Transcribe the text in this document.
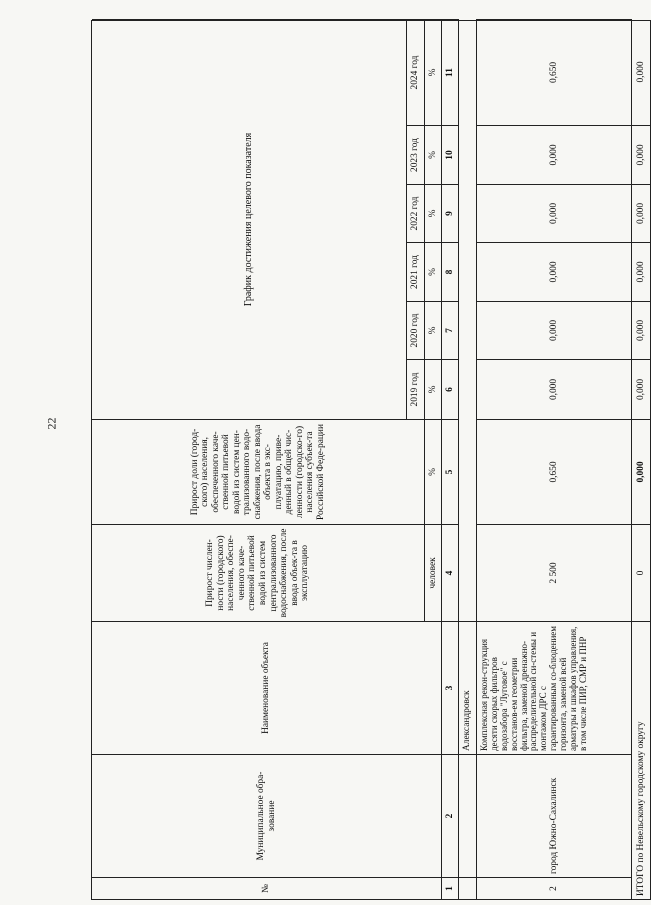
22
№
Муниципальное обра-зование
Наименование объекта
Прирост числен-ности (городского) населения, обеспе-ченного каче-ственной питьевой водой из систем централизованного водоснабжения, после ввода объек-та в эксплуатацию
Прирост доли (город-ского) населения, обеспеченного каче-ственной питьевой водой из систем цен-трализованного водо-снабжения, после ввода объекта в экс-плуатацию, приве-денный в общей чис-ленности (городско-го) населения субъек-та Российской Феде-рации
График достижения целевого показателя
2019 год
2020 год
2021 год
2022 год
2023 год
2024 год
человек
%
%
%
%
%
%
%
1
2
3
4
5
6
7
8
9
10
11
Александровск
2
город Южно-Сахалинск
Комплексная рекон-струкция десяти скорых фильтров водозабора "Луговое" с восстанов-ем геометрии фильтра, заменой дренажно-распределительной си-стемы и монтажом ДРС с гарантированным со-блюдением горизонта, заменой всей арматуры и шкафов управления, в том числе ПИР, СМР и ПНР
2 500
0,650
0,000
0,000
0,000
0,000
0,000
0,650
ИТОГО по Невельскому городскому округу
0
0,000
0,000
0,000
0,000
0,000
0,000
0,000
